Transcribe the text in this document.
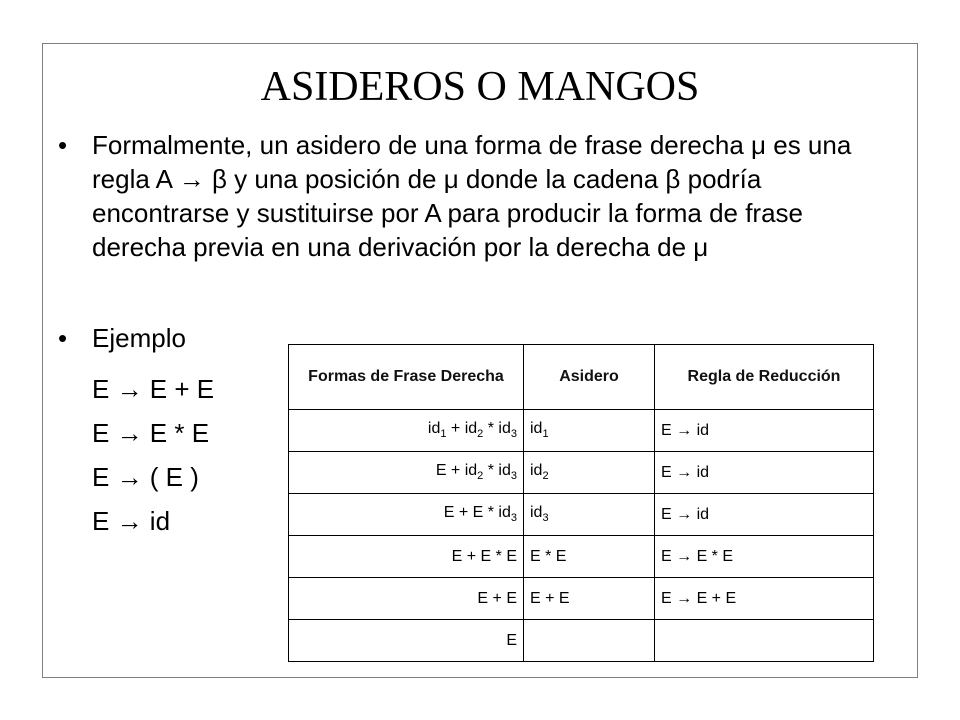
ASIDEROS O MANGOS
• Formalmente, un asidero de una forma de frase derecha μ es una regla A → β y una posición de μ donde la cadena β podría encontrarse y sustituirse por A para producir la forma de frase derecha previa en una derivación por la derecha de μ
• Ejemplo
E → E + E
E → E * E
E → ( E )
E → id
Formas de Frase Derecha	Asidero	Regla de Reducción
$id_1 + id_2 * id_3$	$id_1$	E → id
$E + id_2 * id_3$	$id_2$	E → id
$E + E * id_3$	$id_3$	E → id
E + E * E	E * E	E → E * E
E + E	E + E	E → E + E
E		
